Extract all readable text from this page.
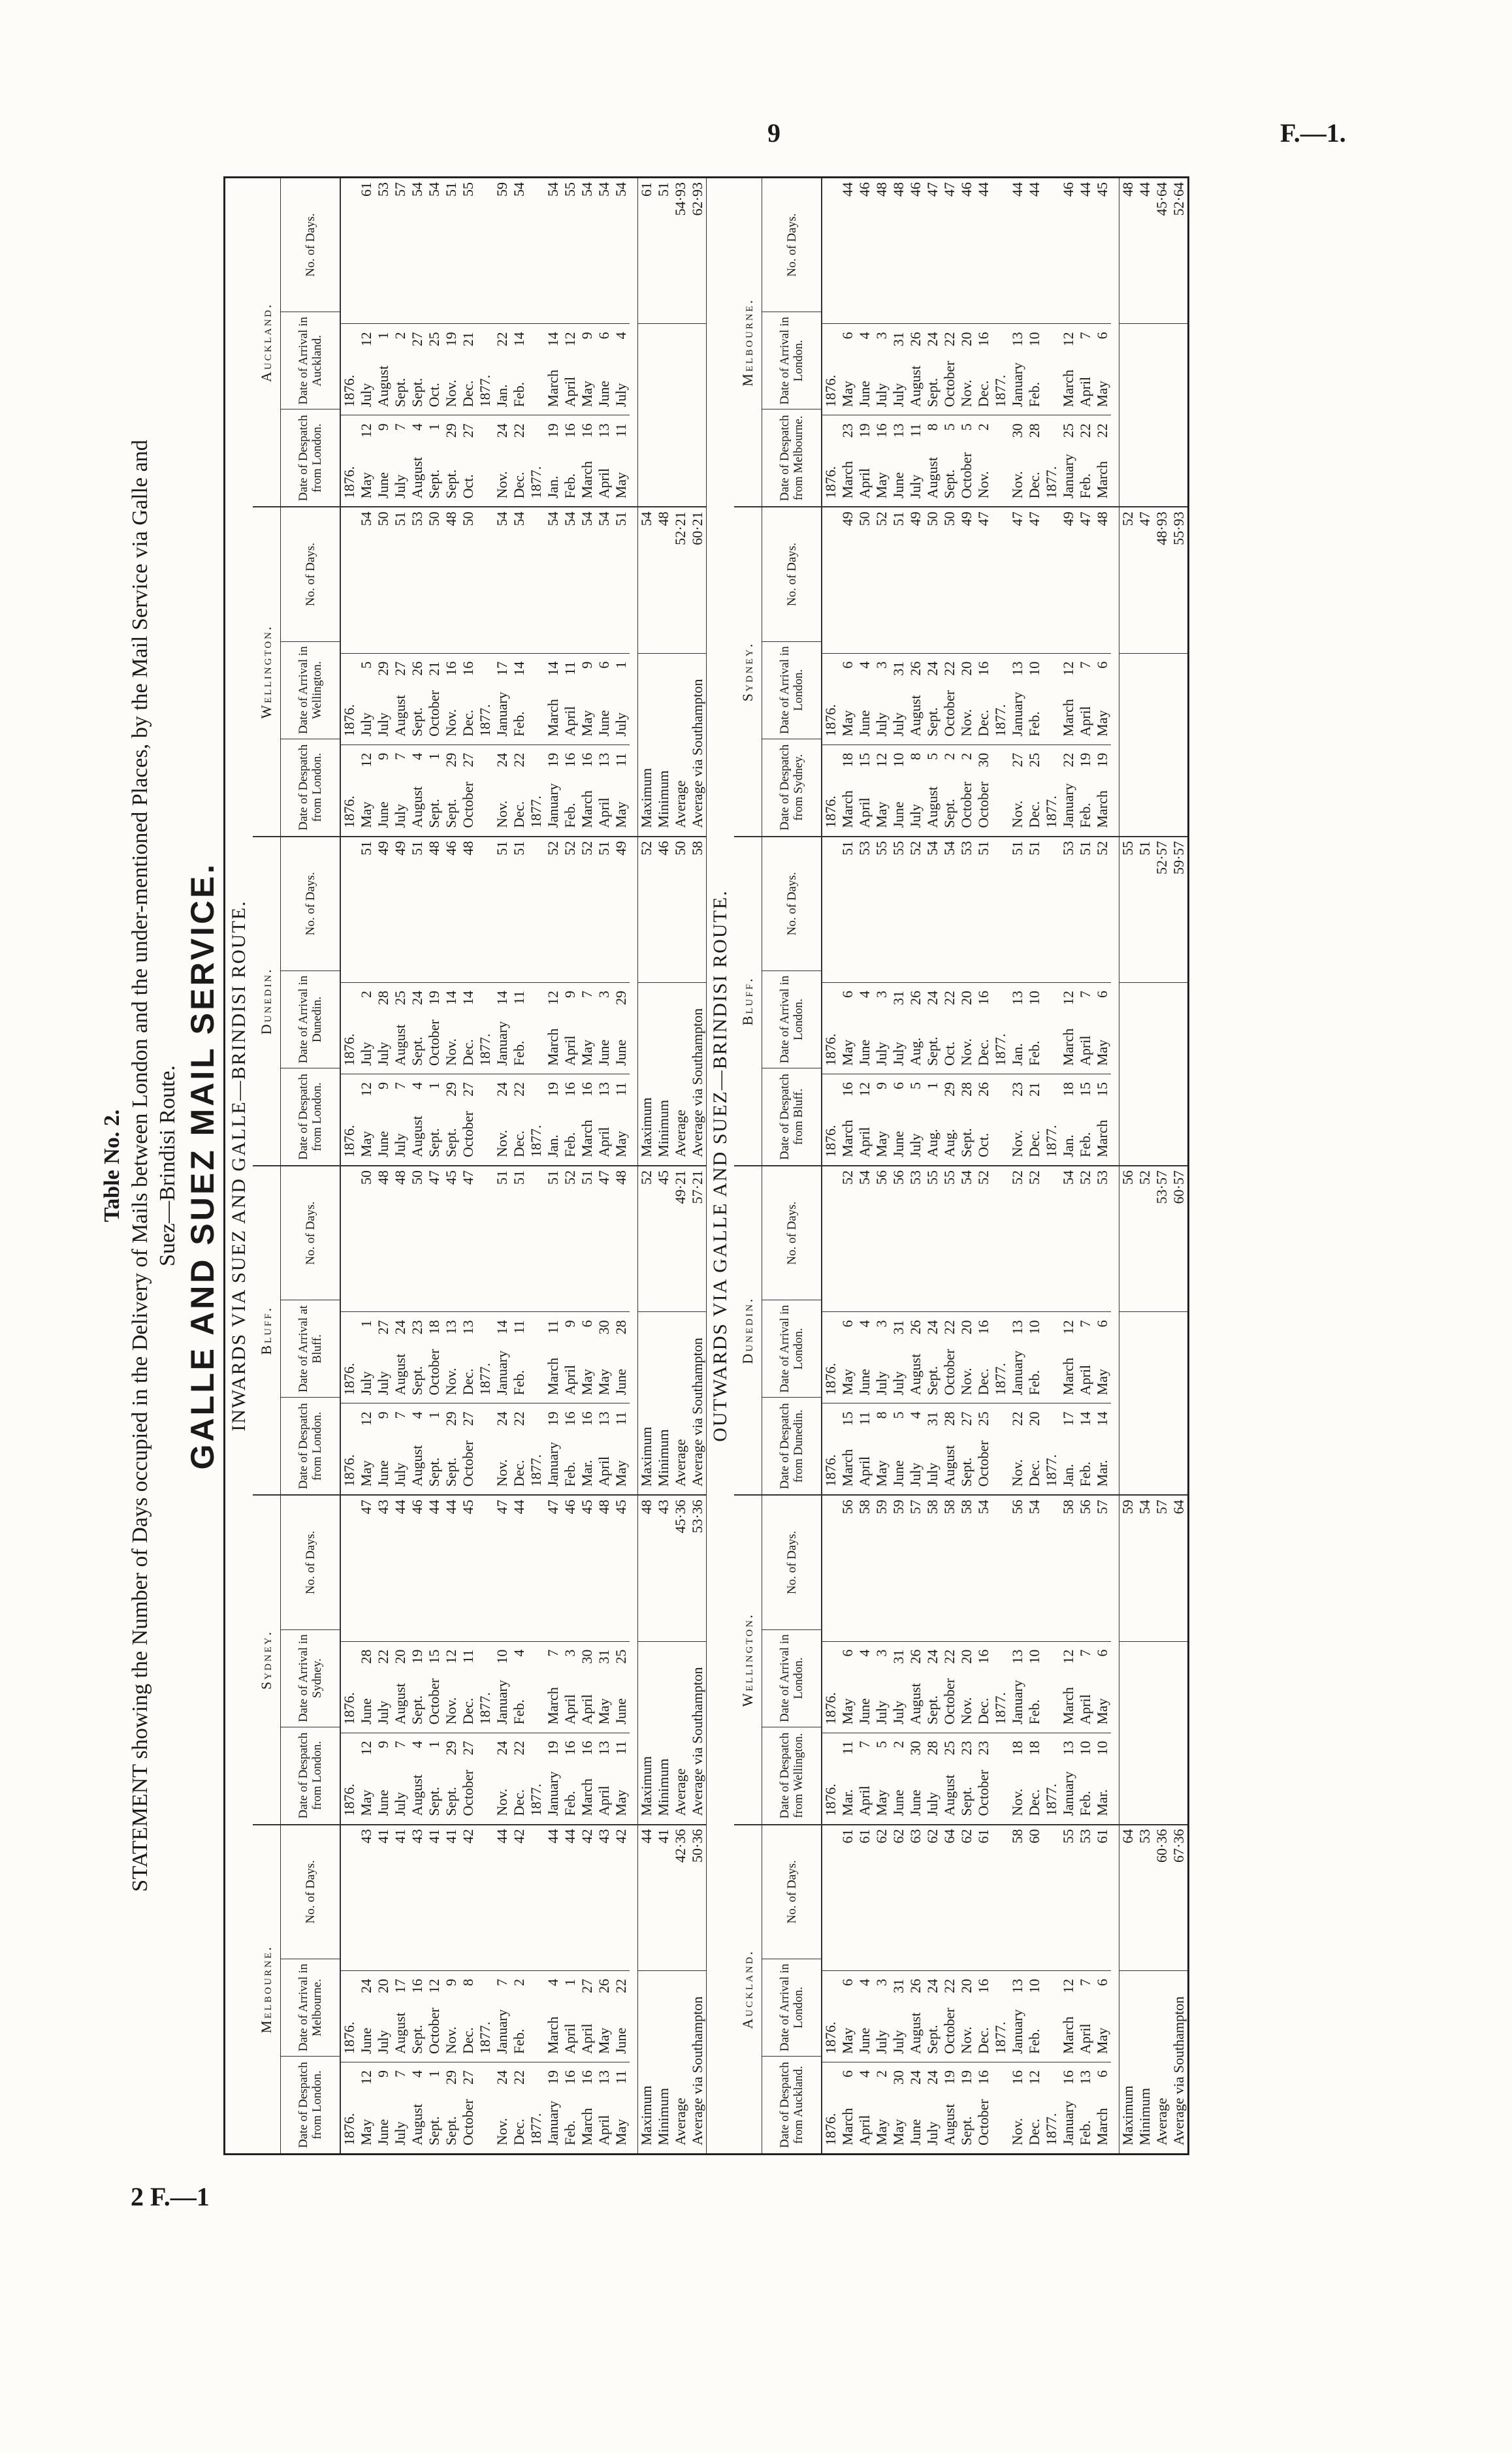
9	F.—1.
2 F.—1
Table No. 2. STATEMENT showing the Number of Days occupied in the Delivery of Mails between London and the under-mentioned Places, by the Mail Service via Galle and Suez—Brindisi Route. GALLE AND SUEZ MAIL SERVICE. INWARDS VIA SUEZ AND GALLE—BRINDISI ROUTE.
Melbourne.
Date of Despatch from London.
Date of Arrival in Melbourne.
No. of Days.
1876.
1876.
May
12
June
24
43
June
9
July
20
41
July
7
August
17
41
August
4
Sept.
16
43
Sept.
1
October
12
41
Sept.
29
Nov.
9
41
October
27
Dec.
8
42
1877.
Nov.
24
January
7
44
Dec.
22
Feb.
2
42
1877. January
19
March
4
44
Feb.
16
April
1
44
March
16
April
27
42
April
13
May
26
43
May
11
June
22
42
Maximum
44
Minimum
41
Average
42·36
Average via Southampton
50·36
Sydney.
Date of Despatch from London.
Date of Arrival in Sydney.
No. of Days.
1876.
1876.
May
12
June
28
47
June
9
July
22
43
July
7
August
20
44
August
4
Sept.
19
46
Sept.
1
October
15
44
Sept.
29
Nov.
12
44
October
27
Dec.
11
45
1877.
Nov.
24
January
10
47
Dec.
22
Feb.
4
44
1877. January
19
March
7
47
Feb.
16
April
3
46
March
16
April
30
45
April
13
May
31
48
May
11
June
25
45
Maximum
48
Minimum
43
Average
45·36
Average via Southampton
53·36
Bluff.
Date of Despatch from London.
Date of Arrival at Bluff.
No. of Days.
1876.
1876.
May
12
July
1
50
June
9
July
27
48
July
7
August
24
48
August
4
Sept.
23
50
Sept.
1
October
18
47
Sept.
29
Nov.
13
45
October
27
Dec.
13
47
1877.
Nov.
24
January
14
51
Dec.
22
Feb.
11
51
1877. January
19
March
11
51
Feb.
16
April
9
52
Mar.
16
May
6
51
April
13
May
30
47
May
11
June
28
48
Maximum
52
Minimum
45
Average
49·21
Average via Southampton
57·21
Dunedin.
Date of Despatch from London.
Date of Arrival in Dunedin.
No. of Days.
1876.
1876.
May
12
July
2
51
June
9
July
28
49
July
7
August
25
49
August
4
Sept.
24
51
Sept.
1
October
19
48
Sept.
29
Nov.
14
46
October
27
Dec.
14
48
1877.
Nov.
24
January
14
51
Dec.
22
Feb.
11
51
1877. Jan.
19
March
12
52
Feb.
16
April
9
52
March
16
May
7
52
April
13
June
3
51
May
11
June
29
49
Maximum
52
Minimum
46
Average
50
Average via Southampton
58
Wellington.
Date of Despatch from London.
Date of Arrival in Wellington.
No. of Days.
1876.
1876.
May
12
July
5
54
June
9
July
29
50
July
7
August
27
51
August
4
Sept.
26
53
Sept.
1
October
21
50
Sept.
29
Nov.
16
48
October
27
Dec.
16
50
1877.
Nov.
24
January
17
54
Dec.
22
Feb.
14
54
1877. January
19
March
14
54
Feb.
16
April
11
54
March
16
May
9
54
April
13
June
6
54
May
11
July
1
51
Maximum
54
Minimum
48
Average
52·21
Average via Southampton
60·21
Auckland.
Date of Despatch from London.
Date of Arrival in Auckland.
No. of Days.
1876.
1876.
May
12
July
12
61
June
9
August
1
53
July
7
Sept.
2
57
August
4
Sept.
27
54
Sept.
1
Oct.
25
54
Sept.
29
Nov.
19
51
Oct.
27
Dec.
21
55
1877.
Nov.
24
Jan.
22
59
Dec.
22
Feb.
14
54
1877. Jan.
19
March
14
54
Feb.
16
April
12
55
March
16
May
9
54
April
13
June
6
54
May
11
July
4
54 61 51 54·93 62·93
OUTWARDS VIA GALLE AND SUEZ—BRINDISI ROUTE.
Auckland.
Date of Despatch from Auckland.
Date of Arrival in London.
No. of Days.
1876.
1876.
March
6
May
6
61
April
4
June
4
61
May
2
July
3
62
May
30
July
31
62
June
24
August
26
63
July
24
Sept.
24
62
August
19
October
22
64
Sept.
19
Nov.
20
62
October
16
Dec.
16
61
1877.
Nov.
16
January
13
58
Dec.
12
Feb.
10
60
1877. January
16
March
12
55
Feb.
13
April
7
53
March
6
May
6
61
Maximum
64
Minimum
53
Average
60·36
Average via Southampton
67·36
Wellington.
Date of Despatch from Wellington.
Date of Arrival in London.
No. of Days.
1876.
1876.
Mar.
11
May
6
56
April
7
June
4
58
May
5
July
3
59
June
2
July
31
59
June
30
August
26
57
July
28
Sept.
24
58
August
25
October
22
58
Sept.
23
Nov.
20
58
October
23
Dec.
16
54
1877.
Nov.
18
January
13
56
Dec.
18
Feb.
10
54
1877. January
13
March
12
58
Feb.
10
April
7
56
Mar.
10
May
6
57 59 54 57 64
Dunedin.
Date of Despatch from Dunedin.
Date of Arrival in London.
No. of Days.
1876.
1876.
March
15
May
6
52
April
11
June
4
54
May
8
July
3
56
June
5
July
31
56
July
4
August
26
53
July
31
Sept.
24
55
August
28
October
22
55
Sept.
27
Nov.
20
54
October
25
Dec.
16
52
1877.
Nov.
22
January
13
52
Dec.
20
Feb.
10
52
1877. Jan.
17
March
12
54
Feb.
14
April
7
52
Mar.
14
May
6
53 56 52 53·57 60·57
Bluff.
Date of Despatch from Bluff.
Date of Arrival in London.
No. of Days.
1876.
1876.
March
16
May
6
51
April
12
June
4
53
May
9
July
3
55
June
6
July
31
55
July
5
Aug.
26
52
Aug.
1
Sept.
24
54
Aug.
29
Oct.
22
54
Sept.
28
Nov.
20
53
Oct.
26
Dec.
16
51
1877.
Nov.
23
Jan.
13
51
Dec.
21
Feb.
10
51
1877. Jan.
18
March
12
53
Feb.
15
April
7
51
March
15
May
6
52 55 51 52·57 59·57
Sydney.
Date of Despatch from Sydney.
Date of Arrival in London.
No. of Days.
1876.
1876.
March
18
May
6
49
April
15
June
4
50
May
12
July
3
52
June
10
July
31
51
July
8
August
26
49
August
5
Sept.
24
50
Sept.
2
October
22
50
October
2
Nov.
20
49
October
30
Dec.
16
47
1877.
Nov.
27
January
13
47
Dec.
25
Feb.
10
47
1877. January
22
March
12
49
Feb.
19
April
7
47
March
19
May
6
48 52 47 48·93 55·93
Melbourne.
Date of Despatch from Melbourne.
Date of Arrival in London.
No. of Days.
1876.
1876.
March
23
May
6
44
April
19
June
4
46
May
16
July
3
48
June
13
July
31
48
July
11
August
26
46
August
8
Sept.
24
47
Sept.
5
October
22
47
October
5
Nov.
20
46
Nov.
2
Dec.
16
44
1877.
Nov.
30
January
13
44
Dec.
28
Feb.
10
44
1877. January
25
March
12
46
Feb.
22
April
7
44
March
22
May
6
45 48 44 45·64 52·64
